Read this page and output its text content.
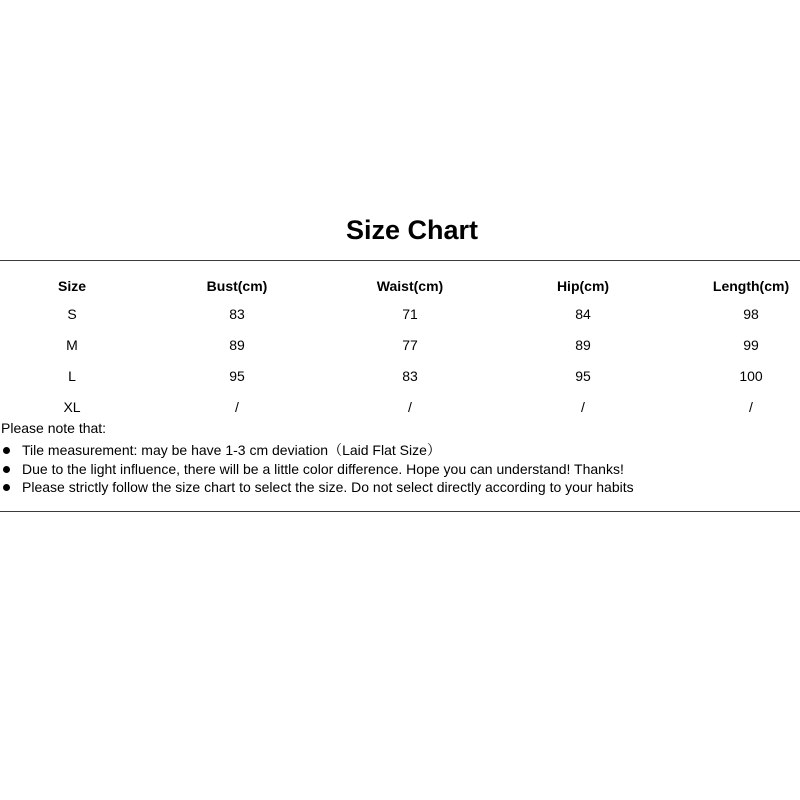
Size Chart
Size	Bust(cm)	Waist(cm)	Hip(cm)	Length(cm)
S	83	71	84	98
M	89	77	89	99
L	95	83	95	100
XL	/	/	/	/
Please note that:
Tile measurement: may be have 1-3 cm deviation（Laid Flat Size）
Due to the light influence, there will be a little color difference. Hope you can understand! Thanks!
Please strictly follow the size chart to select the size. Do not select directly according to your habits
